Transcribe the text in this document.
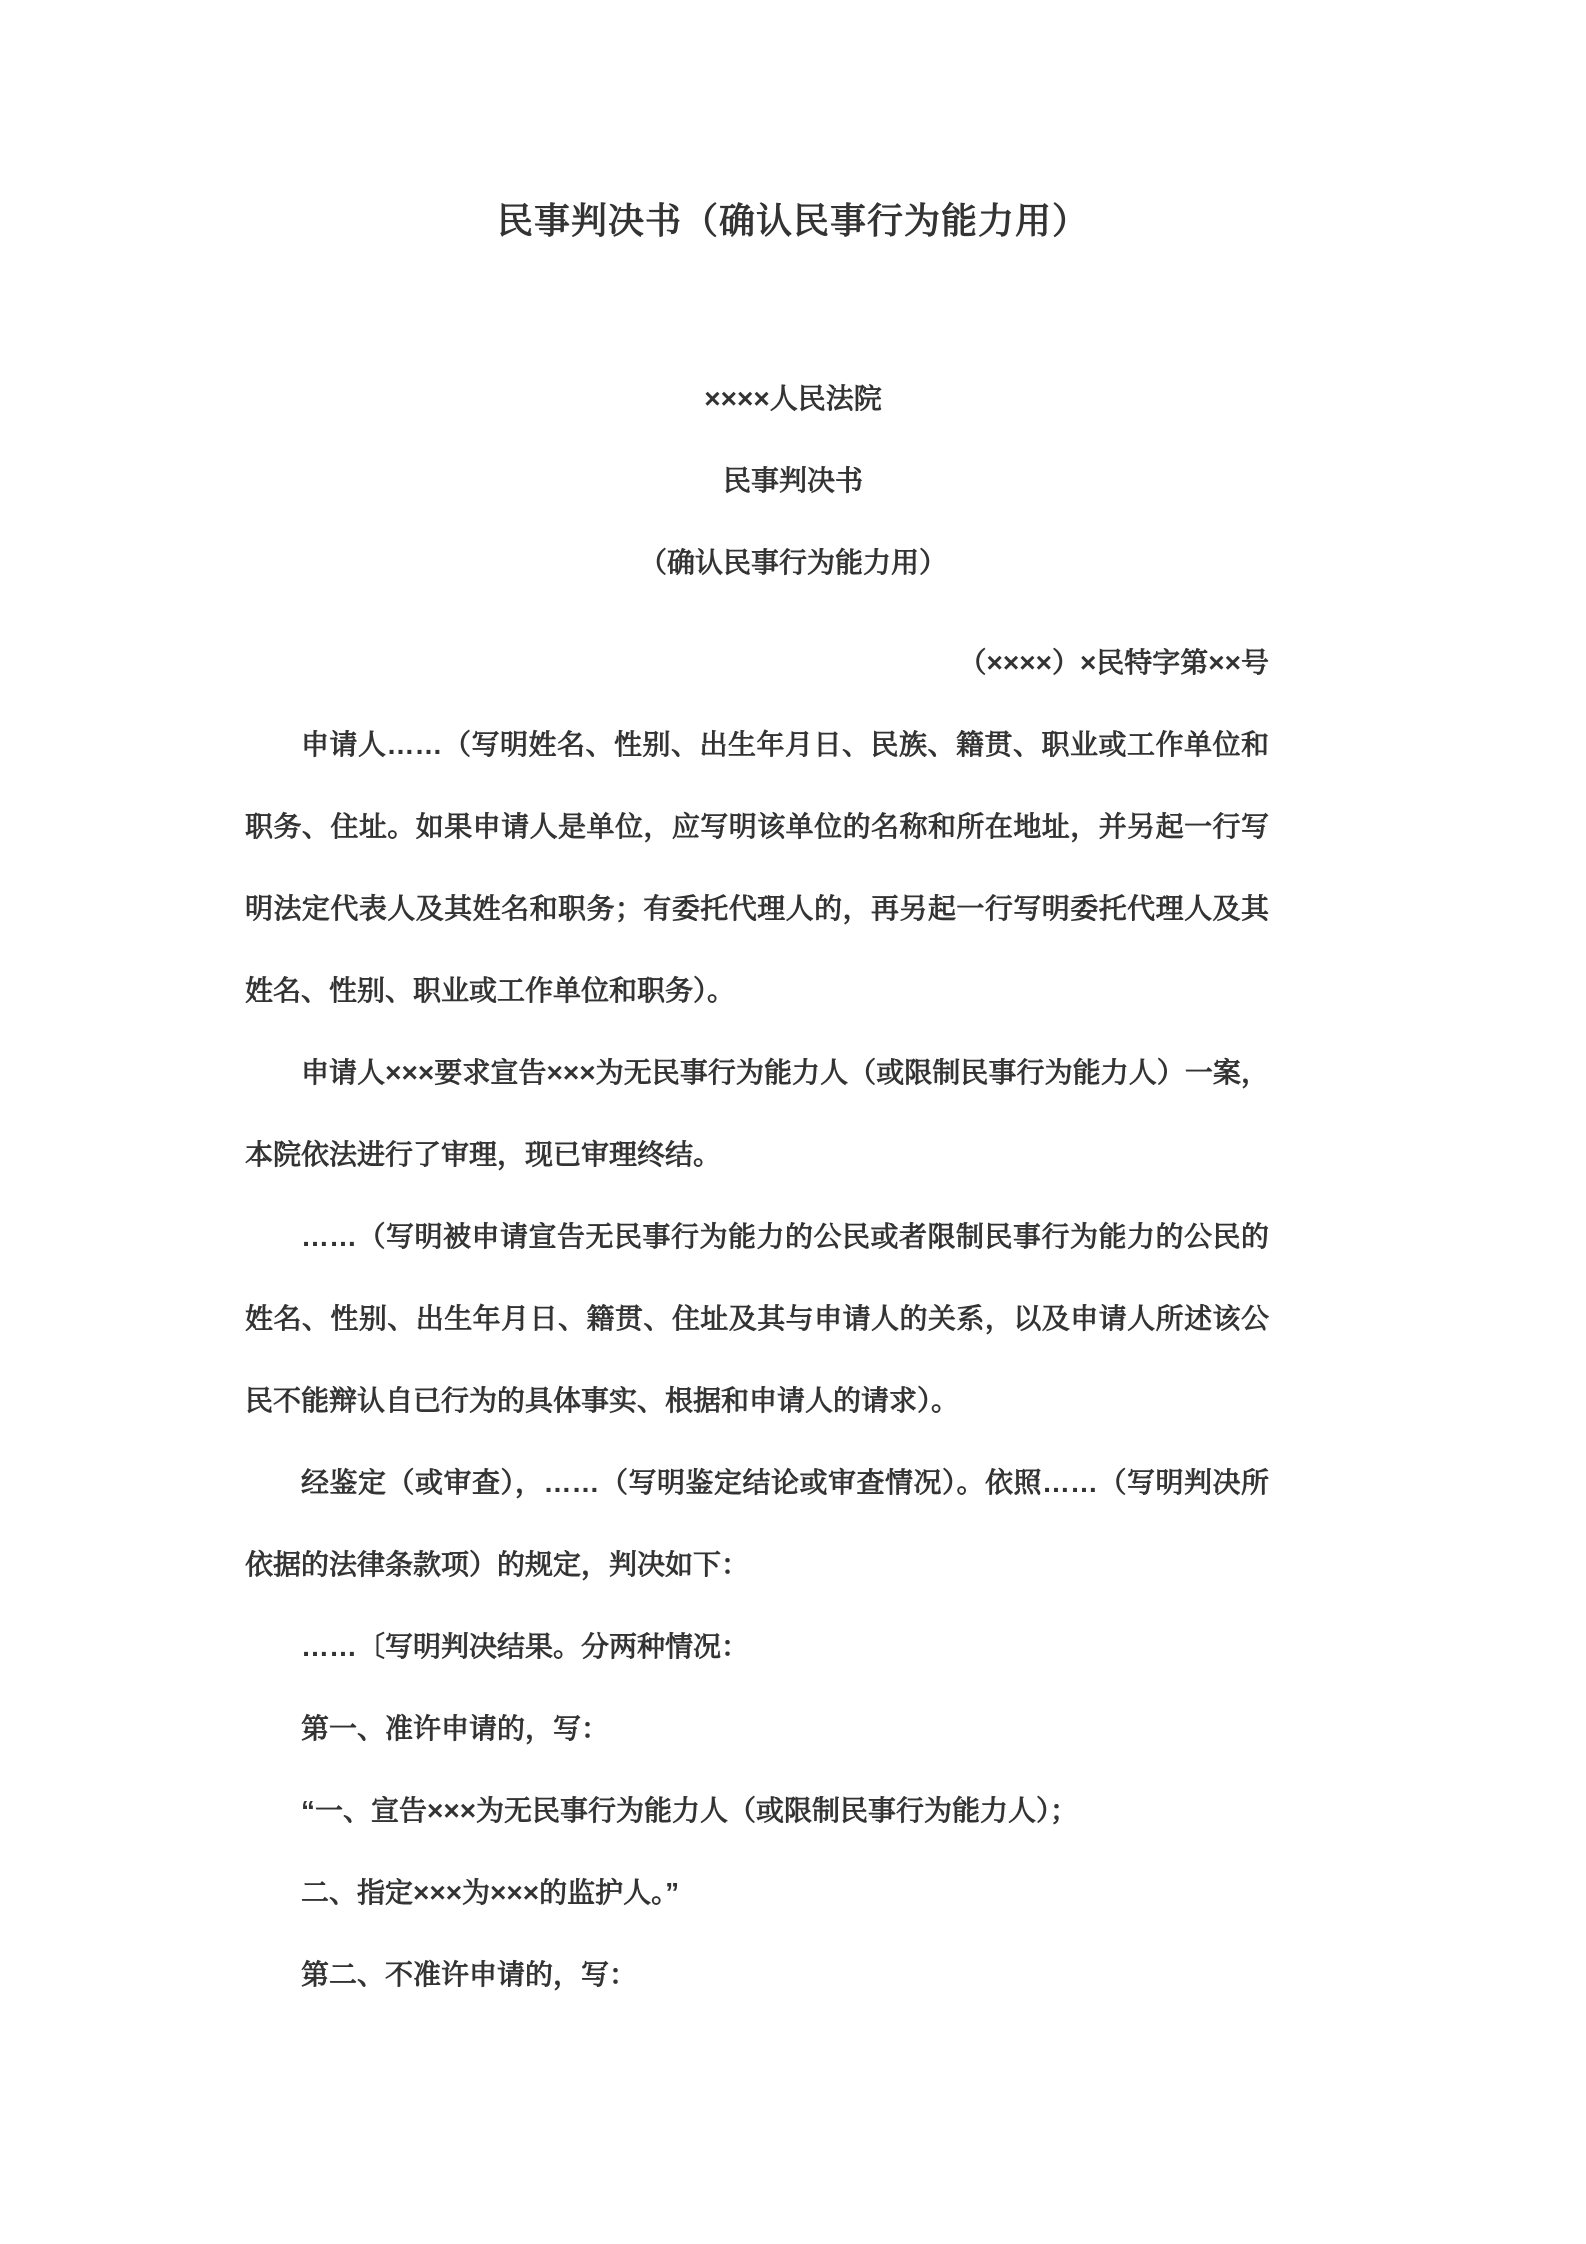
民事判决书（确认民事行为能力用）
××××人民法院
民事判决书
（确认民事行为能力用）
（××××）×民特字第××号
申请人……（写明姓名、性别、出生年月日、民族、籍贯、职业或工作单位和职务、住址。如果申请人是单位，应写明该单位的名称和所在地址，并另起一行写明法定代表人及其姓名和职务；有委托代理人的，再另起一行写明委托代理人及其姓名、性别、职业或工作单位和职务）。
申请人×××要求宣告×××为无民事行为能力人（或限制民事行为能力人）一案，本院依法进行了审理，现已审理终结。
……（写明被申请宣告无民事行为能力的公民或者限制民事行为能力的公民的姓名、性别、出生年月日、籍贯、住址及其与申请人的关系，以及申请人所述该公民不能辩认自已行为的具体事实、根据和申请人的请求）。
经鉴定（或审查），……（写明鉴定结论或审查情况）。依照……（写明判决所依据的法律条款项）的规定，判决如下：
……〔写明判决结果。分两种情况：
第一、准许申请的，写：
“一、宣告×××为无民事行为能力人（或限制民事行为能力人）；
二、指定×××为×××的监护人。”
第二、不准许申请的，写：
